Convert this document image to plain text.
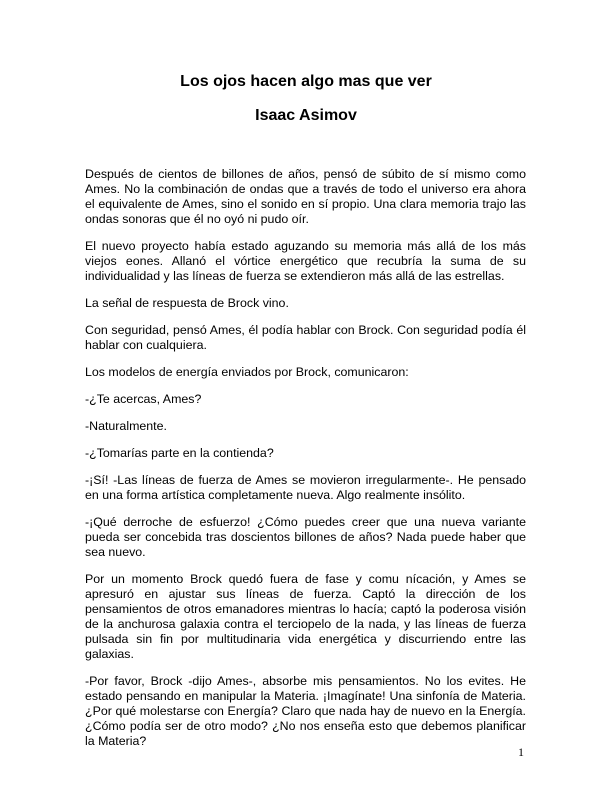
Los ojos hacen algo mas que ver
Isaac Asimov

Después de cientos de billones de años, pensó de súbito de sí mismo como Ames. No la combinación de ondas que a través de todo el universo era ahora el equivalente de Ames, sino el sonido en sí propio. Una clara memoria trajo las ondas sonoras que él no oyó ni pudo oír.

El nuevo proyecto había estado aguzando su memoria más allá de los más viejos eones. Allanó el vórtice energético que recubría la suma de su individualidad y las líneas de fuerza se extendieron más allá de las estrellas.

La señal de respuesta de Brock vino.

Con seguridad, pensó Ames, él podía hablar con Brock. Con seguridad podía él hablar con cualquiera.

Los modelos de energía enviados por Brock, comunicaron:

-¿Te acercas, Ames?

-Naturalmente.

-¿Tomarías parte en la contienda?

-¡Sí! -Las líneas de fuerza de Ames se movieron irregularmente-. He pensado en una forma artística completamente nueva. Algo realmente insólito.

-¡Qué derroche de esfuerzo! ¿Cómo puedes creer que una nueva variante pueda ser concebida tras doscientos billones de años? Nada puede haber que sea nuevo.

Por un momento Brock quedó fuera de fase y comu nícación, y Ames se apresuró en ajustar sus líneas de fuerza. Captó la dirección de los pensamientos de otros emanadores mientras lo hacía; captó la poderosa visión de la anchurosa galaxia contra el terciopelo de la nada, y las líneas de fuerza pulsada sin fin por multitudinaria vida energética y discurriendo entre las galaxias.

-Por favor, Brock -dijo Ames-, absorbe mis pensamientos. No los evites. He estado pensando en manipular la Materia. ¡Imagínate! Una sinfonía de Materia. ¿Por qué molestarse con Energía? Claro que nada hay de nuevo en la Energía. ¿Cómo podía ser de otro modo? ¿No nos enseña esto que debemos planificar la Materia?

1
